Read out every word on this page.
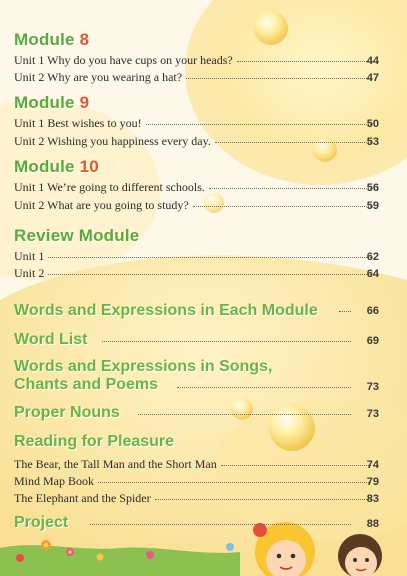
Module 8
Unit 1 Why do you have cups on your heads?	44
Unit 2 Why are you wearing a hat?	47
Module 9
Unit 1 Best wishes to you!	50
Unit 2 Wishing you happiness every day.	53
Module 10
Unit 1 We’re going to different schools.	56
Unit 2 What are you going to study?	59
Review Module
Unit 1	62
Unit 2	64
Words and Expressions in Each Module	66
Word List	69
Words and Expressions in Songs,
Chants and Poems	73
Proper Nouns	73
Reading for Pleasure
The Bear, the Tall Man and the Short Man	74
Mind Map Book	79
The Elephant and the Spider	83
Project	88
